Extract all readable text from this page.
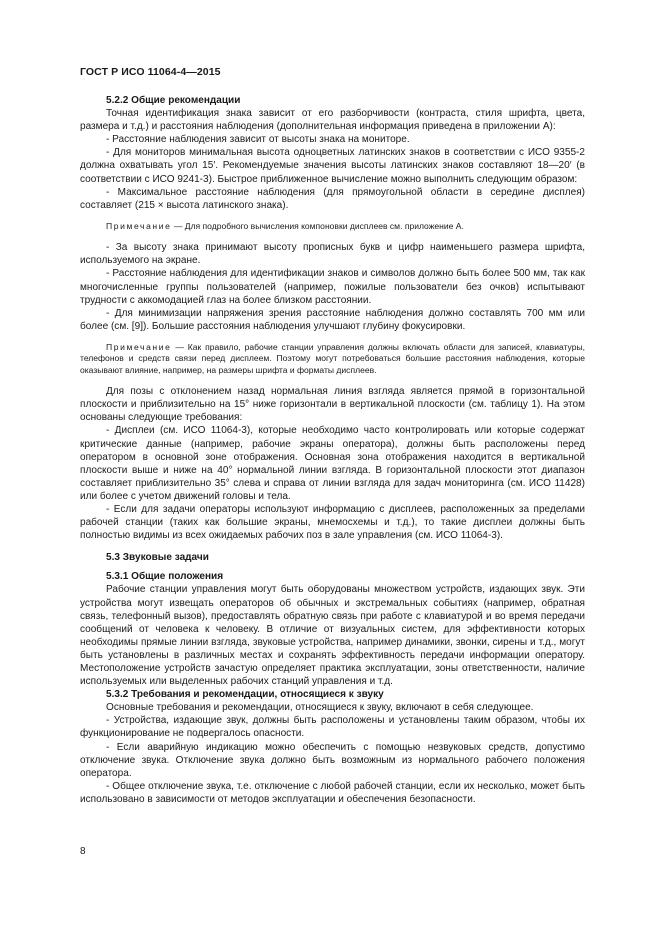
ГОСТ Р ИСО 11064-4—2015

5.2.2 Общие рекомендации

Точная идентификация знака зависит от его разборчивости (контраста, стиля шрифта, цвета, размера и т.д.) и расстояния наблюдения (дополнительная информация приведена в приложении А):

- Расстояние наблюдения зависит от высоты знака на мониторе.

- Для мониторов минимальная высота одноцветных латинских знаков в соответствии с ИСО 9355-2 должна охватывать угол 15′. Рекомендуемые значения высоты латинских знаков составляют 18—20′ (в соответствии с ИСО 9241-3). Быстрое приближенное вычисление можно выполнить следующим образом:

- Максимальное расстояние наблюдения (для прямоугольной области в середине дисплея) составляет (215 × высота латинского знака).

Примечание — Для подробного вычисления компоновки дисплеев см. приложение А.

- За высоту знака принимают высоту прописных букв и цифр наименьшего размера шрифта, используемого на экране.

- Расстояние наблюдения для идентификации знаков и символов должно быть более 500 мм, так как многочисленные группы пользователей (например, пожилые пользователи без очков) испытывают трудности с аккомодацией глаз на более близком расстоянии.

- Для минимизации напряжения зрения расстояние наблюдения должно составлять 700 мм или более (см. [9]). Большие расстояния наблюдения улучшают глубину фокусировки.

Примечание — Как правило, рабочие станции управления должны включать области для записей, клавиатуры, телефонов и средств связи перед дисплеем. Поэтому могут потребоваться большие расстояния наблюдения, которые оказывают влияние, например, на размеры шрифта и форматы дисплеев.

Для позы с отклонением назад нормальная линия взгляда является прямой в горизонтальной плоскости и приблизительно на 15° ниже горизонтали в вертикальной плоскости (см. таблицу 1). На этом основаны следующие требования:

- Дисплеи (см. ИСО 11064-3), которые необходимо часто контролировать или которые содержат критические данные (например, рабочие экраны оператора), должны быть расположены перед оператором в основной зоне отображения. Основная зона отображения находится в вертикальной плоскости выше и ниже на 40° нормальной линии взгляда. В горизонтальной плоскости этот диапазон составляет приблизительно 35° слева и справа от линии взгляда для задач мониторинга (см. ИСО 11428) или более с учетом движений головы и тела.

- Если для задачи операторы используют информацию с дисплеев, расположенных за пределами рабочей станции (таких как большие экраны, мнемосхемы и т.д.), то такие дисплеи должны быть полностью видимы из всех ожидаемых рабочих поз в зале управления (см. ИСО 11064-3).

5.3 Звуковые задачи

5.3.1 Общие положения

Рабочие станции управления могут быть оборудованы множеством устройств, издающих звук. Эти устройства могут извещать операторов об обычных и экстремальных событиях (например, обратная связь, телефонный вызов), предоставлять обратную связь при работе с клавиатурой и во время передачи сообщений от человека к человеку. В отличие от визуальных систем, для эффективности которых необходимы прямые линии взгляда, звуковые устройства, например динамики, звонки, сирены и т.д., могут быть установлены в различных местах и сохранять эффективность передачи информации оператору. Местоположение устройств зачастую определяет практика эксплуатации, зоны ответственности, наличие используемых или выделенных рабочих станций управления и т.д.

5.3.2 Требования и рекомендации, относящиеся к звуку

Основные требования и рекомендации, относящиеся к звуку, включают в себя следующее.

- Устройства, издающие звук, должны быть расположены и установлены таким образом, чтобы их функционирование не подвергалось опасности.

- Если аварийную индикацию можно обеспечить с помощью незвуковых средств, допустимо отключение звука. Отключение звука должно быть возможным из нормального рабочего положения оператора.

- Общее отключение звука, т.е. отключение с любой рабочей станции, если их несколько, может быть использовано в зависимости от методов эксплуатации и обеспечения безопасности.

8
